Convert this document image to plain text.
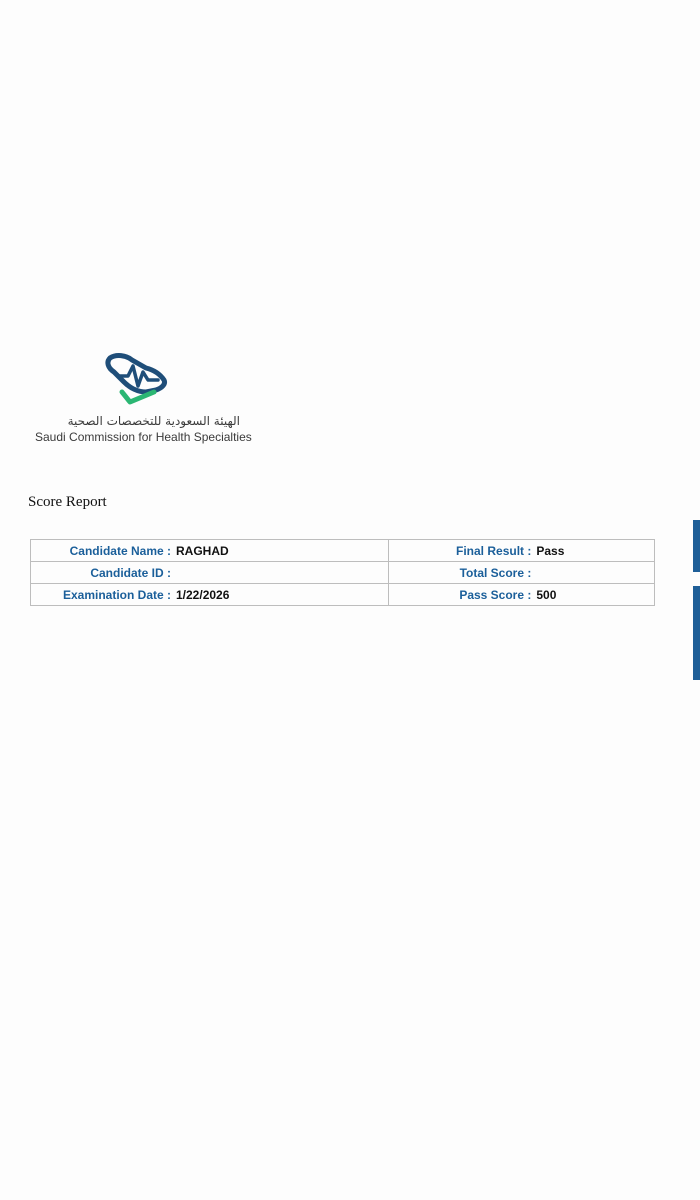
الهيئة السعودية للتخصصات الصحية
Saudi Commission for Health Specialties
Score Report
Candidate Name : RAGHAD	Final Result : Pass
Candidate ID :	Total Score :
Examination Date : 1/22/2026	Pass Score : 500
